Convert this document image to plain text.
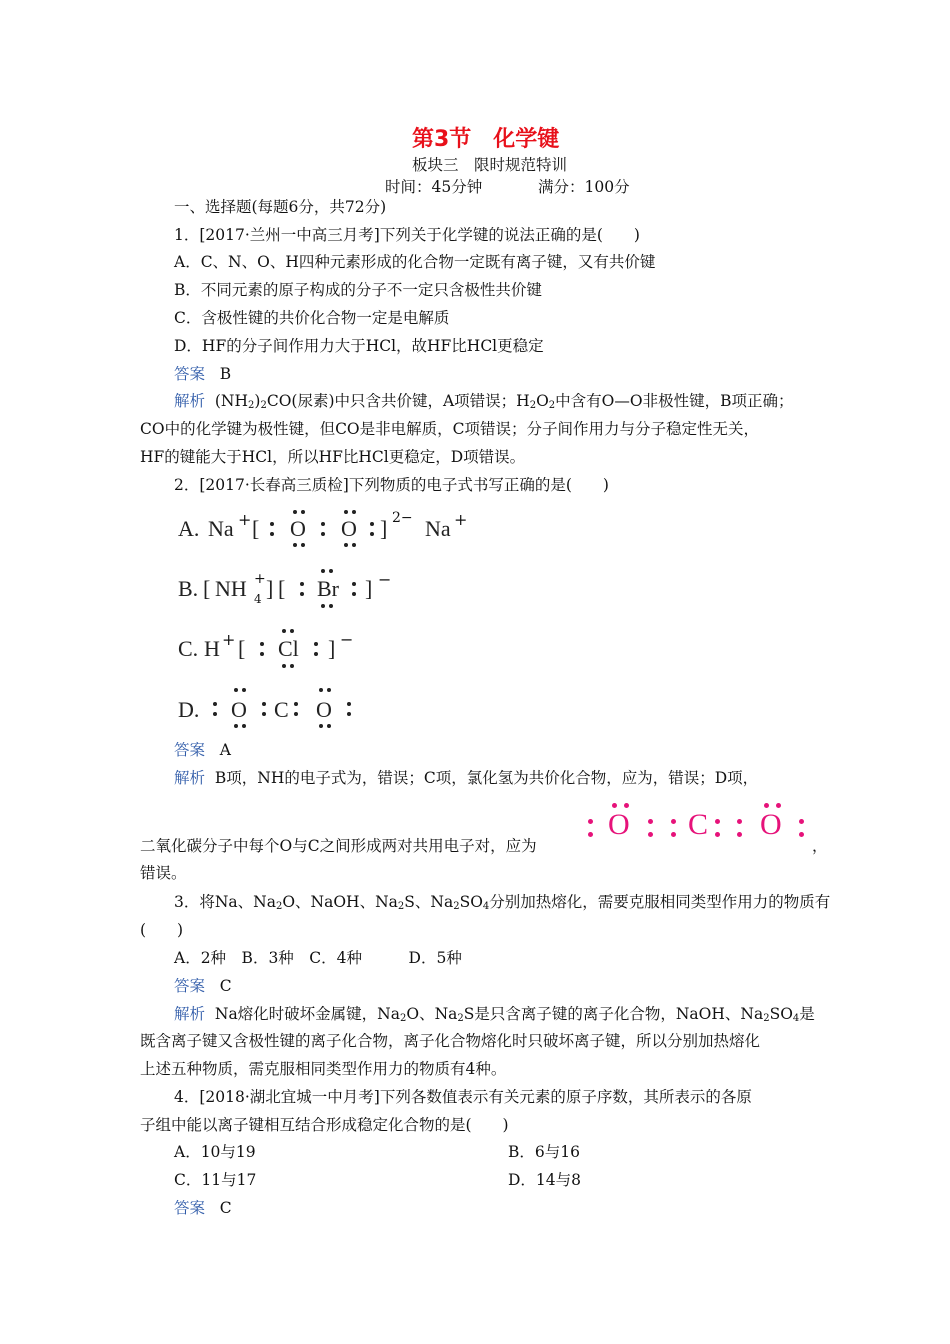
第3节　化学键
板块三　限时规范特训
时间：45分钟	满分：100分
一、选择题(每题6分，共72分)
1．[2017·兰州一中高三月考]下列关于化学键的说法正确的是(　　)
A．C、N、O、H四种元素形成的化合物一定既有离子键，又有共价键
B．不同元素的原子构成的分子不一定只含极性共价键
C．含极性键的共价化合物一定是电解质
D．HF的分子间作用力大于HCl，故HF比HCl更稳定
答案 B
解析 $(NH_2)_2CO$(尿素)中只含共价键，A项错误；$H_2O_2$中含有O—O非极性键，B项正确；
CO中的化学键为极性键，但CO是非电解质，C项错误；分子间作用力与分子稳定性无关，
HF的键能大于HCl，所以HF比HCl更稳定，D项错误。
2．[2017·长春高三质检]下列物质的电子式书写正确的是(　　)
A. Na + [ O O ] 2− Na +
B. [ NH +
4 ] [ Br ] −
C. H + [ Cl ] −
D. O C O
答案 A
解析 B项，NH的电子式为，错误；C项，氯化氢为共价化合物，应为，错误；D项，
二氧化碳分子中每个O与C之间形成两对共用电子对，应为
O C O
，
错误。
3．将Na、$Na_2O$、NaOH、$Na_2S$、$Na_2SO_4$分别加热熔化，需要克服相同类型作用力的物质有
(　　)
A．2种　B．3种　C．4种　　　D．5种
答案 C
解析 Na熔化时破坏金属键，$Na_2O$、$Na_2S$是只含离子键的离子化合物，NaOH、$Na_2SO_4$是
既含离子键又含极性键的离子化合物，离子化合物熔化时只破坏离子键，所以分别加热熔化
上述五种物质，需克服相同类型作用力的物质有4种。
4．[2018·湖北宜城一中月考]下列各数值表示有关元素的原子序数，其所表示的各原
子组中能以离子键相互结合形成稳定化合物的是(　　)
A．10与19	B．6与16
C．11与17	D．14与8
答案 C
